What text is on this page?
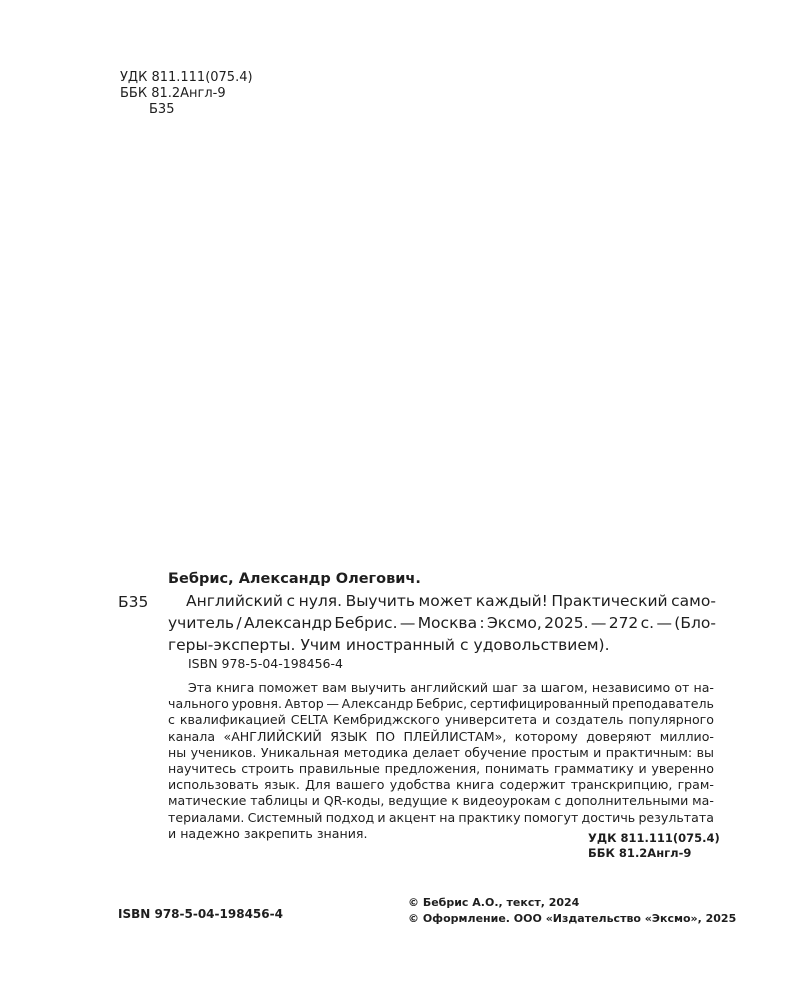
УДК 811.111(075.4)
ББК 81.2Англ-9
Б35
Бебрис, Александр Олегович.
Б35 Английский с нуля. Выучить может каждый! Практический само-
учитель / Александр Бебрис. — Москва : Эксмо, 2025. — 272 с. — (Бло-
геры-эксперты. Учим иностранный с удовольствием).
ISBN 978-5-04-198456-4
Эта книга поможет вам выучить английский шаг за шагом, независимо от на-
чального уровня. Автор — Александр Бебрис, сертифицированный преподаватель
с квалификацией CELTA Кембриджского университета и создатель популярного
канала «АНГЛИЙСКИЙ ЯЗЫК ПО ПЛЕЙЛИСТАМ», которому доверяют миллио-
ны учеников. Уникальная методика делает обучение простым и практичным: вы
научитесь строить правильные предложения, понимать грамматику и уверенно
использовать язык. Для вашего удобства книга содержит транскрипцию, грам-
матические таблицы и QR-коды, ведущие к видеоурокам с дополнительными ма-
териалами. Системный подход и акцент на практику помогут достичь результата
и надежно закрепить знания.	УДК 811.111(075.4)
ББК 81.2Англ-9
ISBN 978-5-04-198456-4
© Бебрис А.О., текст, 2024
© Оформление. ООО «Издательство «Эксмо», 2025
